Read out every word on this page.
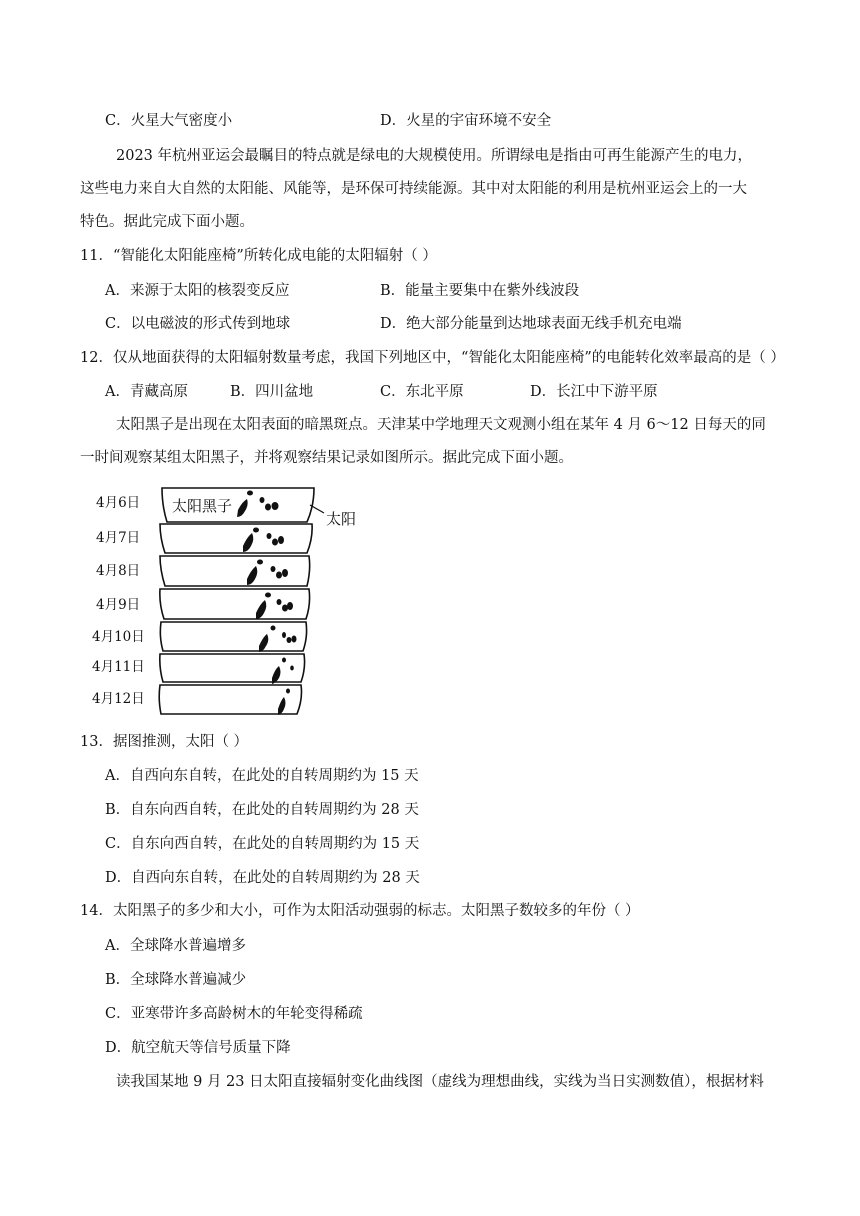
C．火星大气密度小	D．火星的宇宙环境不安全
2023 年杭州亚运会最瞩目的特点就是绿电的大规模使用。所谓绿电是指由可再生能源产生的电力，
这些电力来自大自然的太阳能、风能等，是环保可持续能源。其中对太阳能的利用是杭州亚运会上的一大
特色。据此完成下面小题。
11．“智能化太阳能座椅”所转化成电能的太阳辐射（ ）
A．来源于太阳的核裂变反应	B．能量主要集中在紫外线波段
C．以电磁波的形式传到地球	D．绝大部分能量到达地球表面无线手机充电端
12．仅从地面获得的太阳辐射数量考虑，我国下列地区中，“智能化太阳能座椅”的电能转化效率最高的是（ ）
A．青藏高原	B．四川盆地	C．东北平原	D．长江中下游平原
太阳黑子是出现在太阳表面的暗黑斑点。天津某中学地理天文观测小组在某年 4 月 6～12 日每天的同
一时间观察某组太阳黑子，并将观察结果记录如图所示。据此完成下面小题。
4月6日
4月7日
4月8日
4月9日
4月10日
4月11日
4月12日
太阳黑子
太阳
13．据图推测，太阳（ ）
A．自西向东自转，在此处的自转周期约为 15 天
B．自东向西自转，在此处的自转周期约为 28 天
C．自东向西自转，在此处的自转周期约为 15 天
D．自西向东自转，在此处的自转周期约为 28 天
14．太阳黑子的多少和大小，可作为太阳活动强弱的标志。太阳黑子数较多的年份（ ）
A．全球降水普遍增多
B．全球降水普遍减少
C．亚寒带许多高龄树木的年轮变得稀疏
D．航空航天等信号质量下降
读我国某地 9 月 23 日太阳直接辐射变化曲线图（虚线为理想曲线，实线为当日实测数值），根据材料
